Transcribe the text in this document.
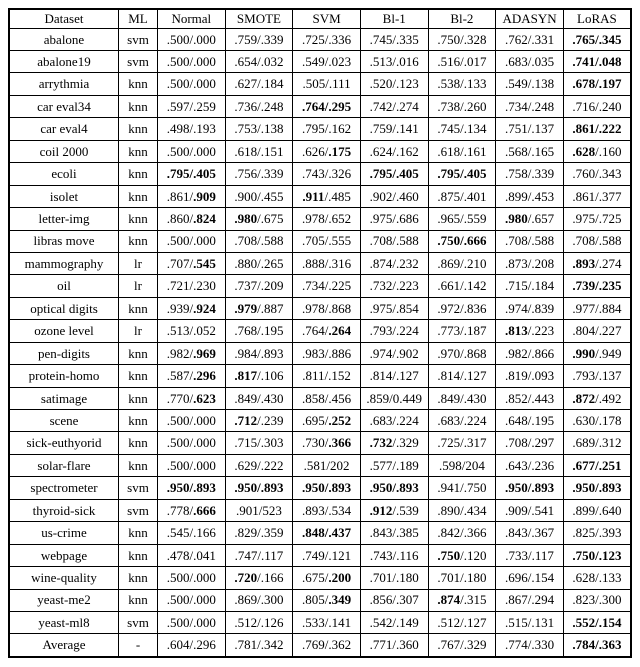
Dataset	ML	Normal	SMOTE	SVM	Bl-1	Bl-2	ADASYN	LoRAS
abalone	svm	.500/.000	.759/.339	.725/.336	.745/.335	.750/.328	.762/.331	.765/.345
abalone19	svm	.500/.000	.654/.032	.549/.023	.513/.016	.516/.017	.683/.035	.741/.048
arrythmia	knn	.500/.000	.627/.184	.505/.111	.520/.123	.538/.133	.549/.138	.678/.197
car eval34	knn	.597/.259	.736/.248	.764/.295	.742/.274	.738/.260	.734/.248	.716/.240
car eval4	knn	.498/.193	.753/.138	.795/.162	.759/.141	.745/.134	.751/.137	.861/.222
coil 2000	knn	.500/.000	.618/.151	.626/.175	.624/.162	.618/.161	.568/.165	.628/.160
ecoli	knn	.795/.405	.756/.339	.743/.326	.795/.405	.795/.405	.758/.339	.760/.343
isolet	knn	.861/.909	.900/.455	.911/.485	.902/.460	.875/.401	.899/.453	.861/.377
letter-img	knn	.860/.824	.980/.675	.978/.652	.975/.686	.965/.559	.980/.657	.975/.725
libras move	knn	.500/.000	.708/.588	.705/.555	.708/.588	.750/.666	.708/.588	.708/.588
mammography	lr	.707/.545	.880/.265	.888/.316	.874/.232	.869/.210	.873/.208	.893/.274
oil	lr	.721/.230	.737/.209	.734/.225	.732/.223	.661/.142	.715/.184	.739/.235
optical digits	knn	.939/.924	.979/.887	.978/.868	.975/.854	.972/.836	.974/.839	.977/.884
ozone level	lr	.513/.052	.768/.195	.764/.264	.793/.224	.773/.187	.813/.223	.804/.227
pen-digits	knn	.982/.969	.984/.893	.983/.886	.974/.902	.970/.868	.982/.866	.990/.949
protein-homo	knn	.587/.296	.817/.106	.811/.152	.814/.127	.814/.127	.819/.093	.793/.137
satimage	knn	.770/.623	.849/.430	.858/.456	.859/0.449	.849/.430	.852/.443	.872/.492
scene	knn	.500/.000	.712/.239	.695/.252	.683/.224	.683/.224	.648/.195	.630/.178
sick-euthyorid	knn	.500/.000	.715/.303	.730/.366	.732/.329	.725/.317	.708/.297	.689/.312
solar-flare	knn	.500/.000	.629/.222	.581/202	.577/.189	.598/204	.643/.236	.677/.251
spectrometer	svm	.950/.893	.950/.893	.950/.893	.950/.893	.941/.750	.950/.893	.950/.893
thyroid-sick	svm	.778/.666	.901/523	.893/.534	.912/.539	.890/.434	.909/.541	.899/.640
us-crime	knn	.545/.166	.829/.359	.848/.437	.843/.385	.842/.366	.843/.367	.825/.393
webpage	knn	.478/.041	.747/.117	.749/.121	.743/.116	.750/.120	.733/.117	.750/.123
wine-quality	knn	.500/.000	.720/.166	.675/.200	.701/.180	.701/.180	.696/.154	.628/.133
yeast-me2	knn	.500/.000	.869/.300	.805/.349	.856/.307	.874/.315	.867/.294	.823/.300
yeast-ml8	svm	.500/.000	.512/.126	.533/.141	.542/.149	.512/.127	.515/.131	.552/.154
Average	-	.604/.296	.781/.342	.769/.362	.771/.360	.767/.329	.774/.330	.784/.363
